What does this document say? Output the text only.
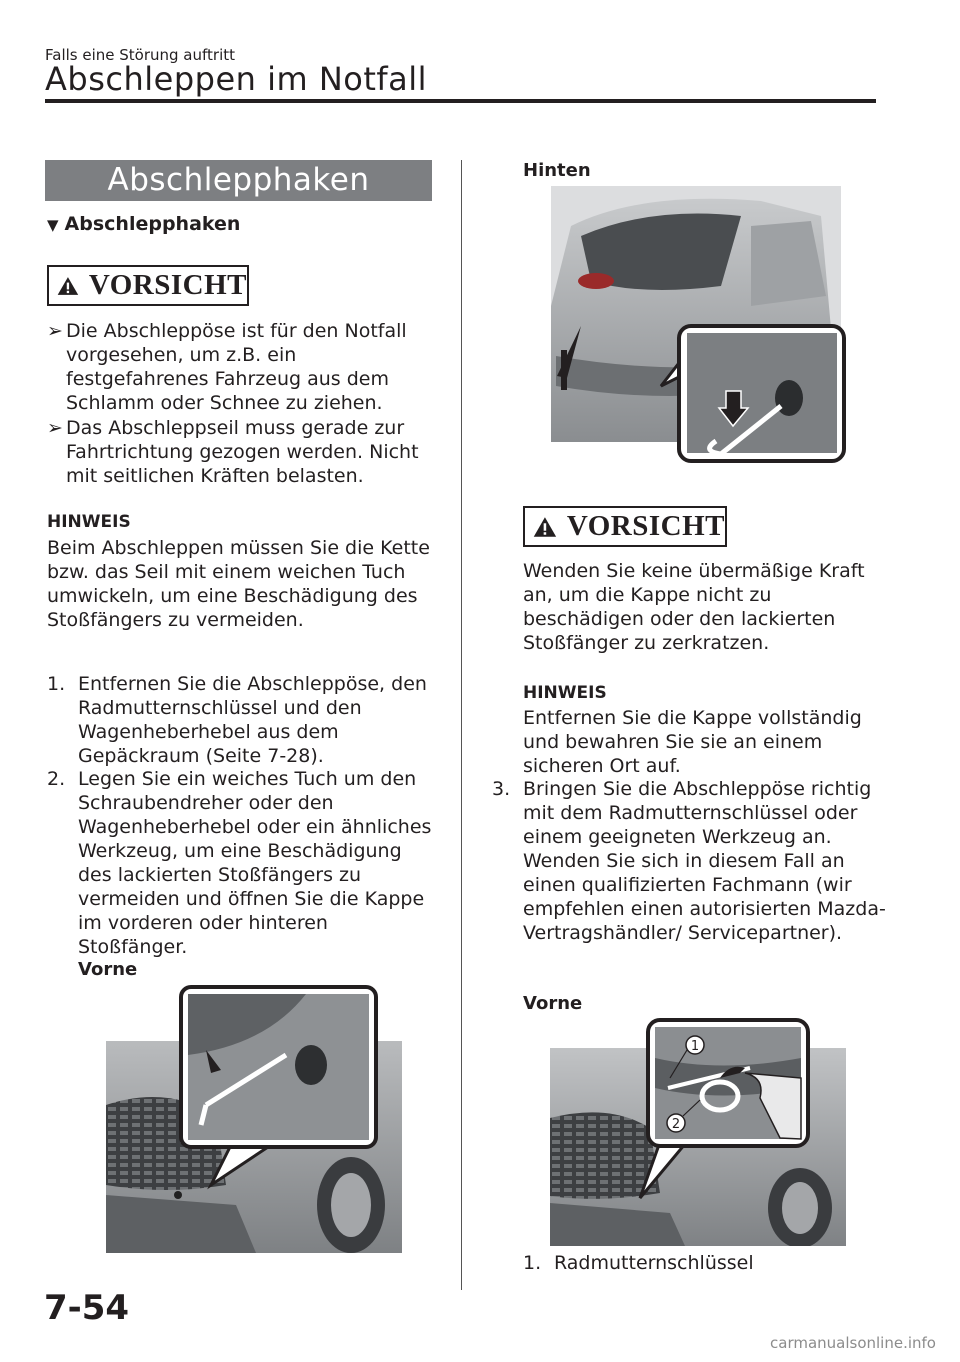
Falls eine Störung auftritt
Abschleppen im Notfall
Abschlepphaken
▼ Abschlepphaken
VORSICHT
➢ Die Abschleppöse ist für den Notfall vorgesehen, um z.B. ein festgefahrenes Fahrzeug aus dem Schlamm oder Schnee zu ziehen.
➢ Das Abschleppseil muss gerade zur Fahrtrichtung gezogen werden. Nicht mit seitlichen Kräften belasten.
HINWEIS
Beim Abschleppen müssen Sie die Kette bzw. das Seil mit einem weichen Tuch umwickeln, um eine Beschädigung des Stoßfängers zu vermeiden.
1. Entfernen Sie die Abschleppöse, den Radmutternschlüssel und den Wagenheberhebel aus dem Gepäckraum (Seite 7-28).
2. Legen Sie ein weiches Tuch um den Schraubendreher oder den Wagenheberhebel oder ein ähnliches Werkzeug, um eine Beschädigung des lackierten Stoßfängers zu vermeiden und öffnen Sie die Kappe im vorderen oder hinteren Stoßfänger.
Vorne
Hinten
VORSICHT
Wenden Sie keine übermäßige Kraft an, um die Kappe nicht zu beschädigen oder den lackierten Stoßfänger zu zerkratzen.
HINWEIS
Entfernen Sie die Kappe vollständig und bewahren Sie sie an einem sicheren Ort auf.
3. Bringen Sie die Abschleppöse richtig mit dem Radmutternschlüssel oder einem geeigneten Werkzeug an.
Wenden Sie sich in diesem Fall an einen qualifizierten Fachmann (wir empfehlen einen autorisierten Mazda-Vertragshändler/ Servicepartner).
Vorne
1
2
1. Radmutternschlüssel
7-54
carmanualsonline.info
